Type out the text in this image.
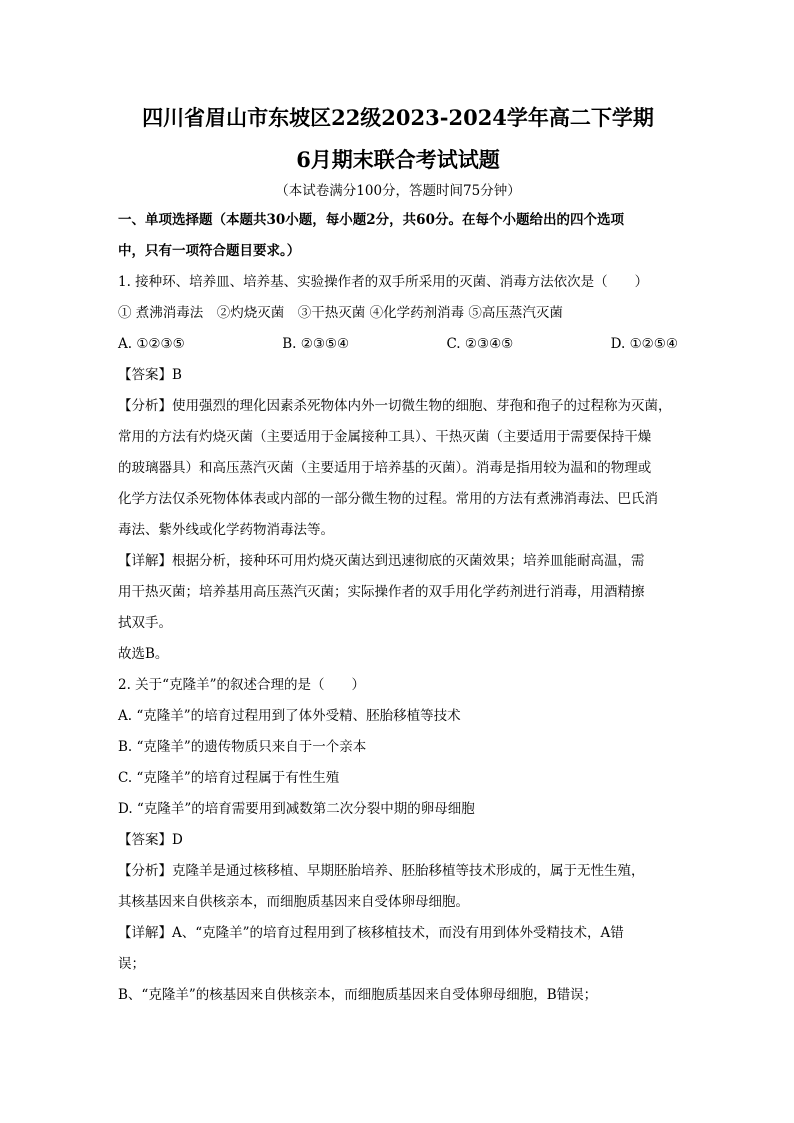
四川省眉山市东坡区22级2023-2024学年高二下学期
6月期末联合考试试题
（本试卷满分100分，答题时间75分钟）
一、单项选择题（本题共30小题，每小题2分，共60分。在每个小题给出的四个选项
中，只有一项符合题目要求。）
1. 接种环、培养皿、培养基、实验操作者的双手所采用的灭菌、消毒方法依次是（　　）
① 煮沸消毒法　②灼烧灭菌　③干热灭菌 ④化学药剂消毒 ⑤高压蒸汽灭菌
A. ①②③⑤	B. ②③⑤④	C. ②③④⑤	D. ①②⑤④
【答案】B
【分析】使用强烈的理化因素杀死物体内外一切微生物的细胞、芽孢和孢子的过程称为灭菌，
常用的方法有灼烧灭菌（主要适用于金属接种工具）、干热灭菌（主要适用于需要保持干燥
的玻璃器具）和高压蒸汽灭菌（主要适用于培养基的灭菌）。消毒是指用较为温和的物理或
化学方法仅杀死物体体表或内部的一部分微生物的过程。常用的方法有煮沸消毒法、巴氏消
毒法、紫外线或化学药物消毒法等。
【详解】根据分析，接种环可用灼烧灭菌达到迅速彻底的灭菌效果；培养皿能耐高温，需
用干热灭菌；培养基用高压蒸汽灭菌；实际操作者的双手用化学药剂进行消毒，用酒精擦
拭双手。
故选B。
2. 关于“克隆羊”的叙述合理的是（　　）
A. “克隆羊”的培育过程用到了体外受精、胚胎移植等技术
B. “克隆羊”的遗传物质只来自于一个亲本
C. “克隆羊”的培育过程属于有性生殖
D. “克隆羊”的培育需要用到减数第二次分裂中期的卵母细胞
【答案】D
【分析】克隆羊是通过核移植、早期胚胎培养、胚胎移植等技术形成的，属于无性生殖，
其核基因来自供核亲本，而细胞质基因来自受体卵母细胞。
【详解】A、“克隆羊”的培育过程用到了核移植技术，而没有用到体外受精技术，A错
误；
B、“克隆羊”的核基因来自供核亲本，而细胞质基因来自受体卵母细胞，B错误；
